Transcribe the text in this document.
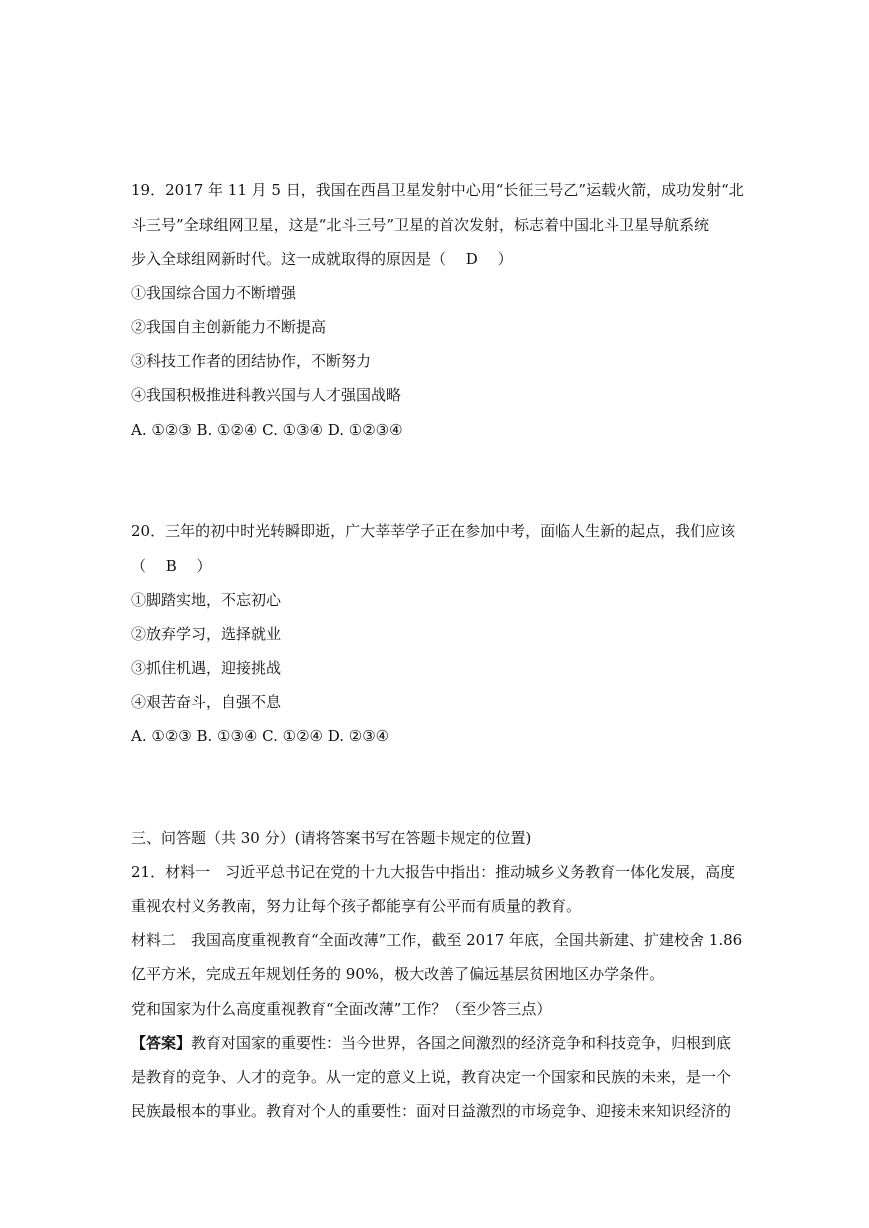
19．2017 年 11 月 5 日，我国在西昌卫星发射中心用“长征三号乙”运载火箭，成功发射“北
斗三号”全球组网卫星，这是“北斗三号”卫星的首次发射，标志着中国北斗卫星导航系统
步入全球组网新时代。这一成就取得的原因是（　 D　 ）
①我国综合国力不断增强
②我国自主创新能力不断提高
③科技工作者的团结协作，不断努力
④我国积极推进科教兴国与人才强国战略
A. ①②③ B. ①②④ C. ①③④ D. ①②③④
20．三年的初中时光转瞬即逝，广大莘莘学子正在参加中考，面临人生新的起点，我们应该
（　 B　 ）
①脚踏实地，不忘初心
②放弃学习，选择就业
③抓住机遇，迎接挑战
④艰苦奋斗，自强不息
A. ①②③ B. ①③④ C. ①②④ D. ②③④
三、问答题（共 30 分）(请将答案书写在答题卡规定的位置)
21．材料一　习近平总书记在党的十九大报告中指出：推动城乡义务教育一体化发展，高度
重视农村义务教南，努力让每个孩子都能享有公平而有质量的教育。
材料二　我国高度重视教育“全面改薄”工作，截至 2017 年底，全国共新建、扩建校舍 1.86
亿平方米，完成五年规划任务的 90%，极大改善了偏远基层贫困地区办学条件。
党和国家为什么高度重视教育“全面改薄”工作？（至少答三点）
【答案】教育对国家的重要性：当今世界，各国之间激烈的经济竞争和科技竞争，归根到底
是教育的竞争、人才的竞争。从一定的意义上说，教育决定一个国家和民族的未来，是一个
民族最根本的事业。教育对个人的重要性：面对日益激烈的市场竞争、迎接未来知识经济的
